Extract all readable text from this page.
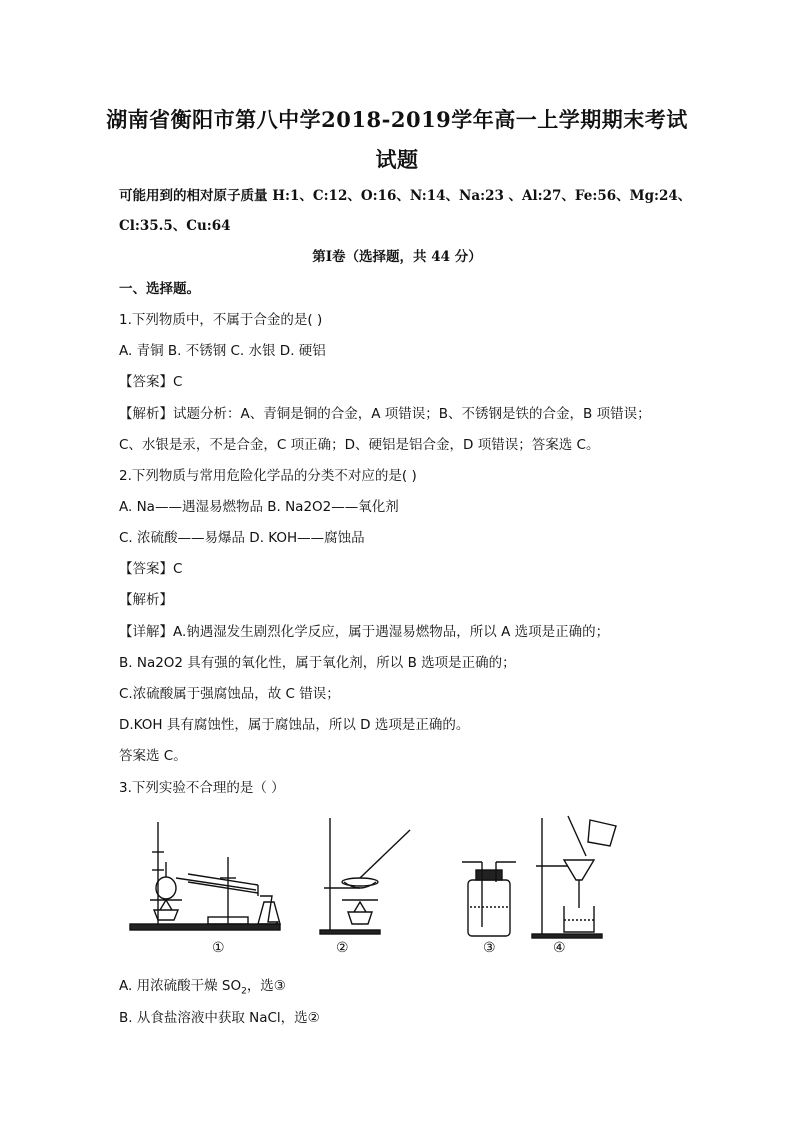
湖南省衡阳市第八中学2018-2019学年高一上学期期末考试
试题
可能用到的相对原子质量 H:1、C:12、O:16、N:14、Na:23 、Al:27、Fe:56、Mg:24、
Cl:35.5、Cu:64
第Ⅰ卷（选择题，共 44 分）
一、选择题。
1.下列物质中，不属于合金的是( )
A. 青铜 B. 不锈钢 C. 水银 D. 硬铝
【答案】C
【解析】试题分析：A、青铜是铜的合金，A 项错误；B、不锈钢是铁的合金，B 项错误；
C、水银是汞，不是合金，C 项正确；D、硬铝是铝合金，D 项错误；答案选 C。
2.下列物质与常用危险化学品的分类不对应的是( )
A. Na——遇湿易燃物品 B. Na2O2——氧化剂
C. 浓硫酸——易爆品 D. KOH——腐蚀品
【答案】C
【解析】
【详解】A.钠遇湿发生剧烈化学反应，属于遇湿易燃物品，所以 A 选项是正确的；
B. Na2O2 具有强的氧化性，属于氧化剂，所以 B 选项是正确的；
C.浓硫酸属于强腐蚀品，故 C 错误；
D.KOH 具有腐蚀性，属于腐蚀品，所以 D 选项是正确的。
答案选 C。
3.下列实验不合理的是（ ）
①	②	③	④
A. 用浓硫酸干燥 $SO_2$，选③
B. 从食盐溶液中获取 NaCl，选②
